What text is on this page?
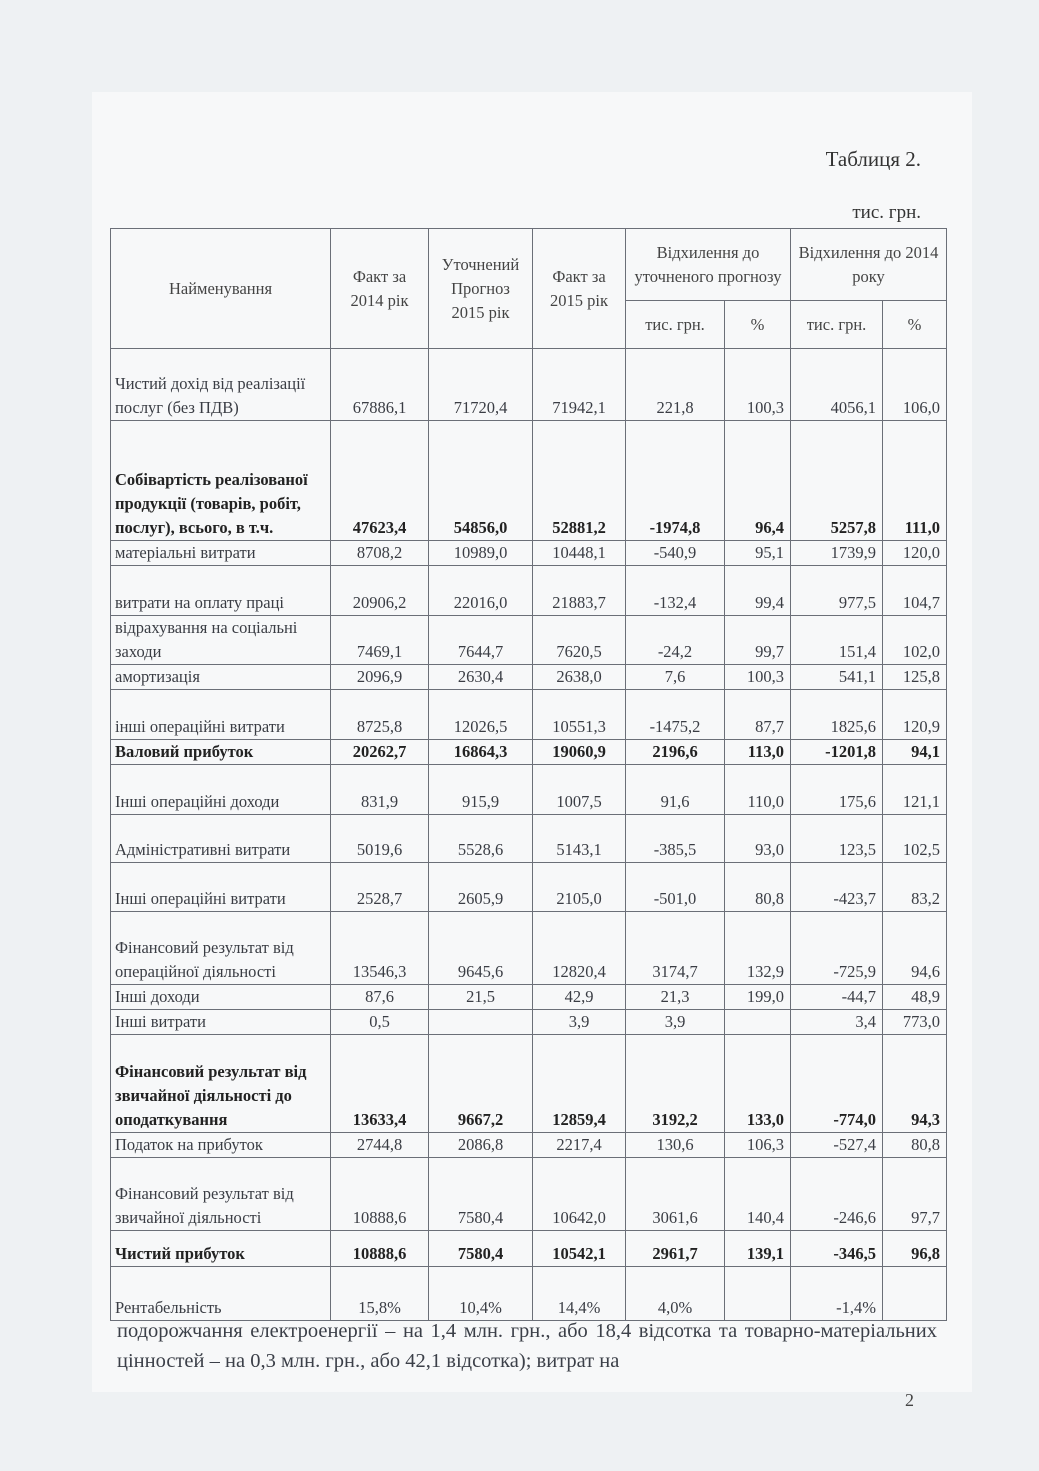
Таблиця 2.
тис. грн.
Найменування	Факт за 2014 рік	Уточнений Прогноз 2015 рік	Факт за 2015 рік	Відхилення до уточненого прогнозу		Відхилення до 2014 року	
				тис. грн.	%	тис. грн.	%
Чистий дохід від реалізації послуг (без ПДВ)	67886,1	71720,4	71942,1	221,8	100,3	4056,1	106,0
Собівартість реалізованої продукції (товарів, робіт, послуг), всього, в т.ч.	47623,4	54856,0	52881,2	-1974,8	96,4	5257,8	111,0
матеріальні витрати	8708,2	10989,0	10448,1	-540,9	95,1	1739,9	120,0
витрати на оплату праці	20906,2	22016,0	21883,7	-132,4	99,4	977,5	104,7
відрахування на соціальні заходи	7469,1	7644,7	7620,5	-24,2	99,7	151,4	102,0
амортизація	2096,9	2630,4	2638,0	7,6	100,3	541,1	125,8
інші операційні витрати	8725,8	12026,5	10551,3	-1475,2	87,7	1825,6	120,9
Валовий прибуток	20262,7	16864,3	19060,9	2196,6	113,0	-1201,8	94,1
Інші операційні доходи	831,9	915,9	1007,5	91,6	110,0	175,6	121,1
Адміністративні витрати	5019,6	5528,6	5143,1	-385,5	93,0	123,5	102,5
Інші операційні витрати	2528,7	2605,9	2105,0	-501,0	80,8	-423,7	83,2
Фінансовий результат від операційної діяльності	13546,3	9645,6	12820,4	3174,7	132,9	-725,9	94,6
Інші доходи	87,6	21,5	42,9	21,3	199,0	-44,7	48,9
Інші витрати	0,5		3,9	3,9		3,4	773,0
Фінансовий результат від звичайної діяльності до оподаткування	13633,4	9667,2	12859,4	3192,2	133,0	-774,0	94,3
Податок на прибуток	2744,8	2086,8	2217,4	130,6	106,3	-527,4	80,8
Фінансовий результат від звичайної діяльності	10888,6	7580,4	10642,0	3061,6	140,4	-246,6	97,7
Чистий прибуток	10888,6	7580,4	10542,1	2961,7	139,1	-346,5	96,8
Рентабельність	15,8%	10,4%	14,4%	4,0%		-1,4%	
подорожчання електроенергії – на 1,4 млн. грн., або 18,4 відсотка та товарно-матеріальних цінностей – на 0,3 млн. грн., або 42,1 відсотка); витрат на
2
